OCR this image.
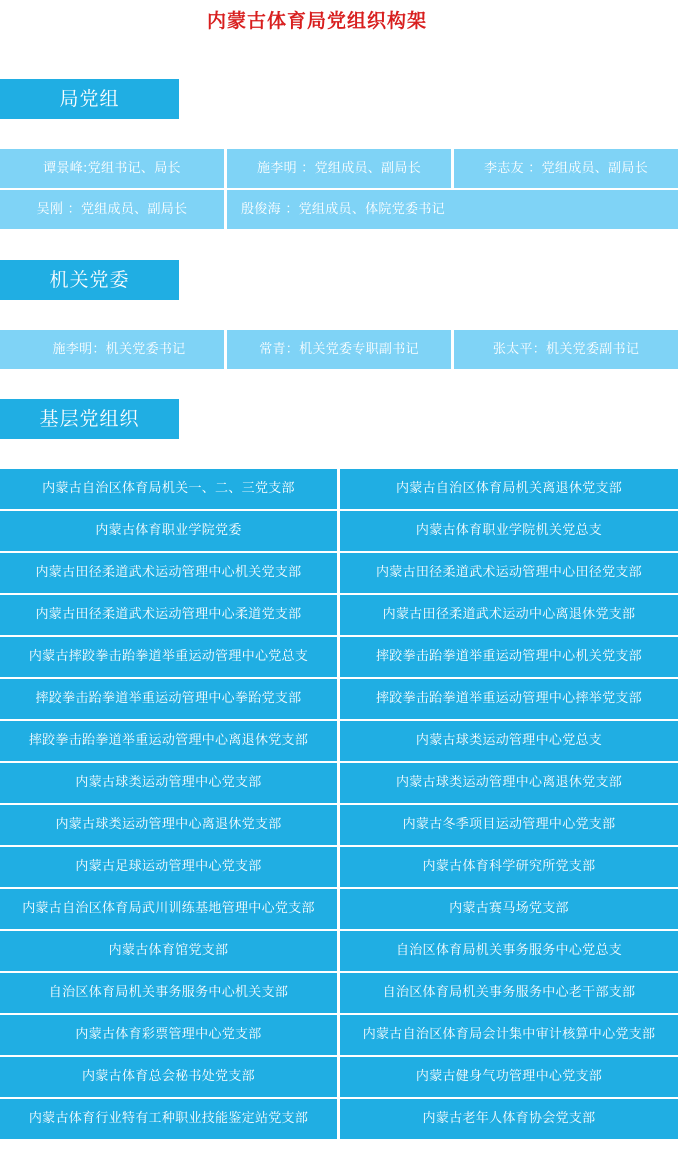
内蒙古体育局党组织构架
局党组
谭景峰:党组书记、局长	施李明 ：党组成员、副局长	李志友 ：党组成员、副局长
吴刚 ：党组成员、副局长	殷俊海 ：党组成员、体院党委书记
机关党委
施李明：机关党委书记	常青：机关党委专职副书记	张太平：机关党委副书记
基层党组织
内蒙古自治区体育局机关一、二、三党支部	内蒙古自治区体育局机关离退休党支部
内蒙古体育职业学院党委	内蒙古体育职业学院机关党总支
内蒙古田径柔道武术运动管理中心机关党支部	内蒙古田径柔道武术运动管理中心田径党支部
内蒙古田径柔道武术运动管理中心柔道党支部	内蒙古田径柔道武术运动中心离退休党支部
内蒙古摔跤拳击跆拳道举重运动管理中心党总支	摔跤拳击跆拳道举重运动管理中心机关党支部
摔跤拳击跆拳道举重运动管理中心拳跆党支部	摔跤拳击跆拳道举重运动管理中心摔举党支部
摔跤拳击跆拳道举重运动管理中心离退休党支部	内蒙古球类运动管理中心党总支
内蒙古球类运动管理中心党支部	内蒙古球类运动管理中心离退休党支部
内蒙古球类运动管理中心离退休党支部	内蒙古冬季项目运动管理中心党支部
内蒙古足球运动管理中心党支部	内蒙古体育科学研究所党支部
内蒙古自治区体育局武川训练基地管理中心党支部	内蒙古赛马场党支部
内蒙古体育馆党支部	自治区体育局机关事务服务中心党总支
自治区体育局机关事务服务中心机关支部	自治区体育局机关事务服务中心老干部支部
内蒙古体育彩票管理中心党支部	内蒙古自治区体育局会计集中审计核算中心党支部
内蒙古体育总会秘书处党支部	内蒙古健身气功管理中心党支部
内蒙古体育行业特有工种职业技能鉴定站党支部	内蒙古老年人体育协会党支部
